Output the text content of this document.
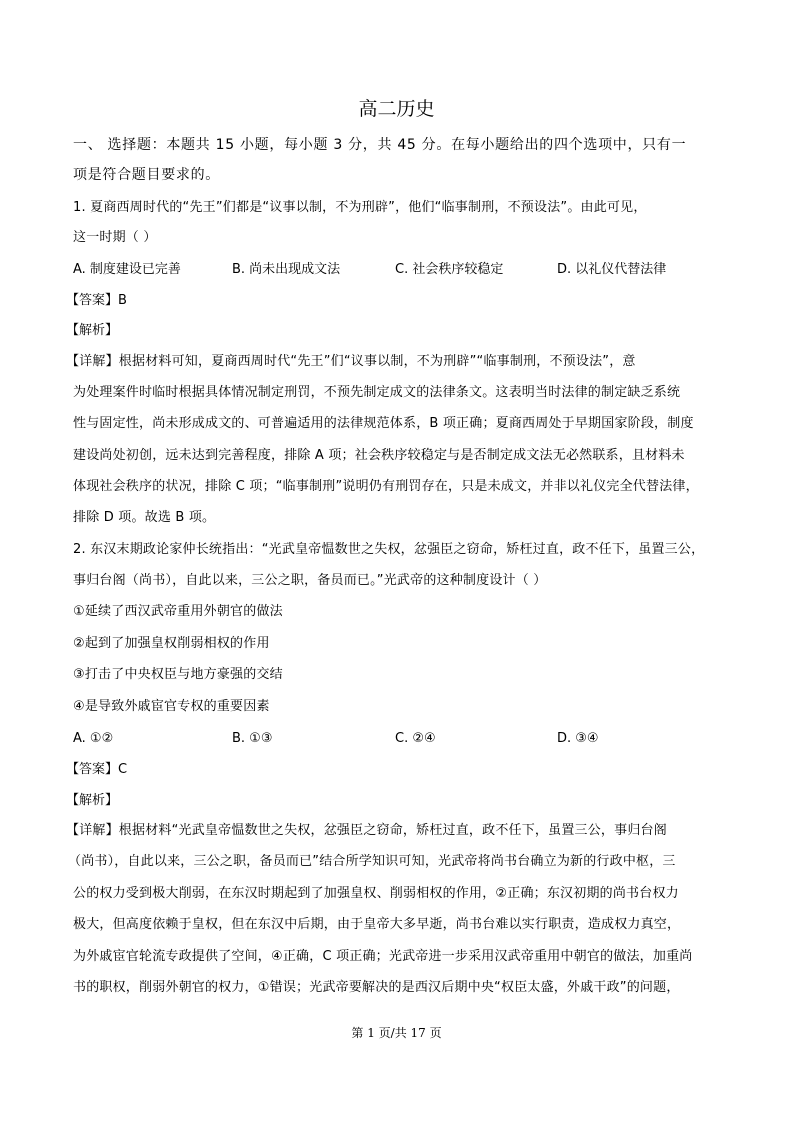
高二历史
一、 选择题：本题共 15 小题，每小题 3 分，共 45 分。在每小题给出的四个选项中，只有一
项是符合题目要求的。
1. 夏商西周时代的“先王”们都是“议事以制，不为刑辟”，他们“临事制刑，不预设法”。由此可见，
这一时期（ ）
A. 制度建设已完善	B. 尚未出现成文法	C. 社会秩序较稳定	D. 以礼仪代替法律
【答案】B
【解析】
【详解】根据材料可知，夏商西周时代“先王”们“议事以制，不为刑辟”“临事制刑，不预设法”，意
为处理案件时临时根据具体情况制定刑罚，不预先制定成文的法律条文。这表明当时法律的制定缺乏系统
性与固定性，尚未形成成文的、可普遍适用的法律规范体系，B 项正确；夏商西周处于早期国家阶段，制度
建设尚处初创，远未达到完善程度，排除 A 项；社会秩序较稳定与是否制定成文法无必然联系，且材料未
体现社会秩序的状况，排除 C 项；“临事制刑”说明仍有刑罚存在，只是未成文，并非以礼仪完全代替法律，
排除 D 项。故选 B 项。
2. 东汉末期政论家仲长统指出：“光武皇帝愠数世之失权，忿强臣之窃命，矫枉过直，政不任下，虽置三公，
事归台阁（尚书），自此以来，三公之职，备员而已。”光武帝的这种制度设计（ ）
①延续了西汉武帝重用外朝官的做法
②起到了加强皇权削弱相权的作用
③打击了中央权臣与地方豪强的交结
④是导致外戚宦官专权的重要因素
A. ①②	B. ①③	C. ②④	D. ③④
【答案】C
【解析】
【详解】根据材料“光武皇帝愠数世之失权，忿强臣之窃命，矫枉过直，政不任下，虽置三公，事归台阁
（尚书），自此以来，三公之职，备员而已”结合所学知识可知，光武帝将尚书台确立为新的行政中枢，三
公的权力受到极大削弱，在东汉时期起到了加强皇权、削弱相权的作用，②正确；东汉初期的尚书台权力
极大，但高度依赖于皇权，但在东汉中后期，由于皇帝大多早逝，尚书台难以实行职责，造成权力真空，
为外戚宦官轮流专政提供了空间，④正确，C 项正确；光武帝进一步采用汉武帝重用中朝官的做法，加重尚
书的职权，削弱外朝官的权力，①错误；光武帝要解决的是西汉后期中央“权臣太盛，外戚干政”的问题，
第 1 页/共 17 页
